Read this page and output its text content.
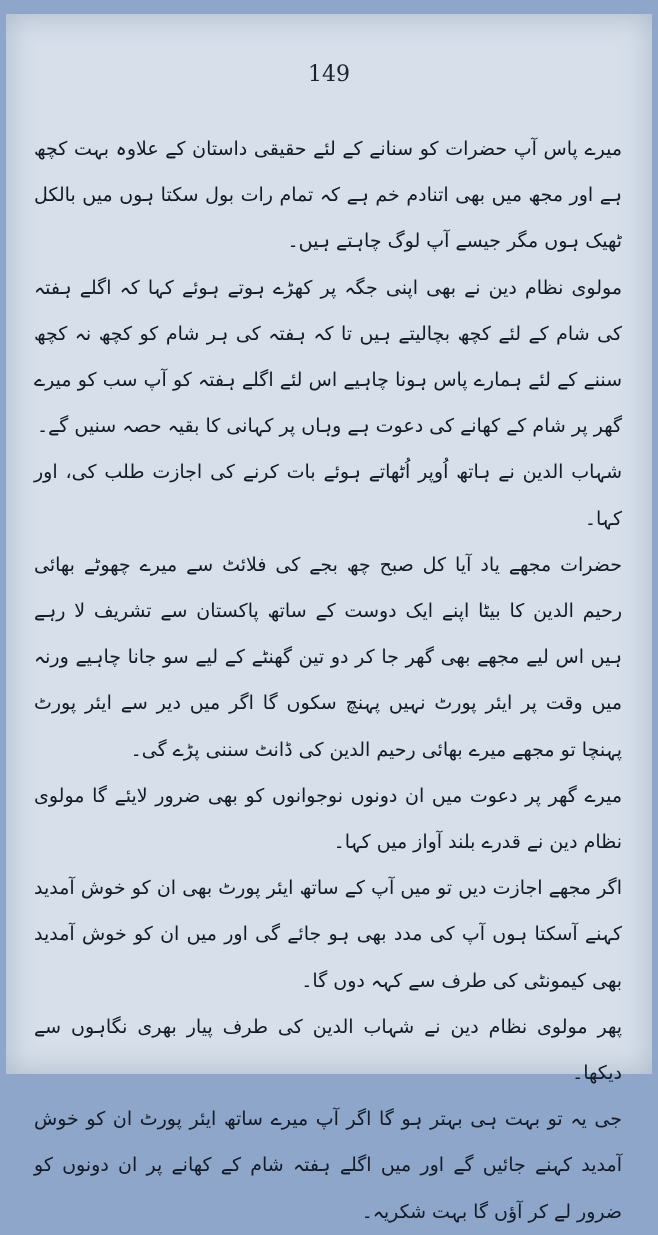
149

میرے پاس آپ حضرات کو سنانے کے لئے حقیقی داستان کے علاوہ بہت کچھ ہے اور مجھ میں بھی اتنادم خم ہے کہ تمام رات بول سکتا ہوں میں بالکل ٹھیک ہوں مگر جیسے آپ لوگ چاہتے ہیں۔

مولوی نظام دین نے بھی اپنی جگہ پر کھڑے ہوتے ہوئے کہا کہ اگلے ہفتہ کی شام کے لئے کچھ بچالیتے ہیں تا کہ ہفتہ کی ہر شام کو کچھ نہ کچھ سننے کے لئے ہمارے پاس ہونا چاہیے اس لئے اگلے ہفتہ کو آپ سب کو میرے گھر پر شام کے کھانے کی دعوت ہے وہاں پر کہانی کا بقیہ حصہ سنیں گے۔

شہاب الدین نے ہاتھ اُوپر اُٹھاتے ہوئے بات کرنے کی اجازت طلب کی، اور کہا۔

حضرات مجھے یاد آیا کل صبح چھ بجے کی فلائٹ سے میرے چھوٹے بھائی رحیم الدین کا بیٹا اپنے ایک دوست کے ساتھ پاکستان سے تشریف لا رہے ہیں اس لیے مجھے بھی گھر جا کر دو تین گھنٹے کے لیے سو جانا چاہیے ورنہ میں وقت پر ایئر پورٹ نہیں پہنچ سکوں گا اگر میں دیر سے ایئر پورٹ پہنچا تو مجھے میرے بھائی رحیم الدین کی ڈانٹ سننی پڑے گی۔

میرے گھر پر دعوت میں ان دونوں نوجوانوں کو بھی ضرور لایئے گا مولوی نظام دین نے قدرے بلند آواز میں کہا۔

اگر مجھے اجازت دیں تو میں آپ کے ساتھ ایئر پورٹ بھی ان کو خوش آمدید کہنے آسکتا ہوں آپ کی مدد بھی ہو جائے گی اور میں ان کو خوش آمدید بھی کیمونٹی کی طرف سے کہہ دوں گا۔

پھر مولوی نظام دین نے شہاب الدین کی طرف پیار بھری نگاہوں سے دیکھا۔

جی یہ تو بہت ہی بہتر ہو گا اگر آپ میرے ساتھ ایئر پورٹ ان کو خوش آمدید کہنے جائیں گے اور میں اگلے ہفتہ شام کے کھانے پر ان دونوں کو ضرور لے کر آؤں گا بہت شکریہ۔
